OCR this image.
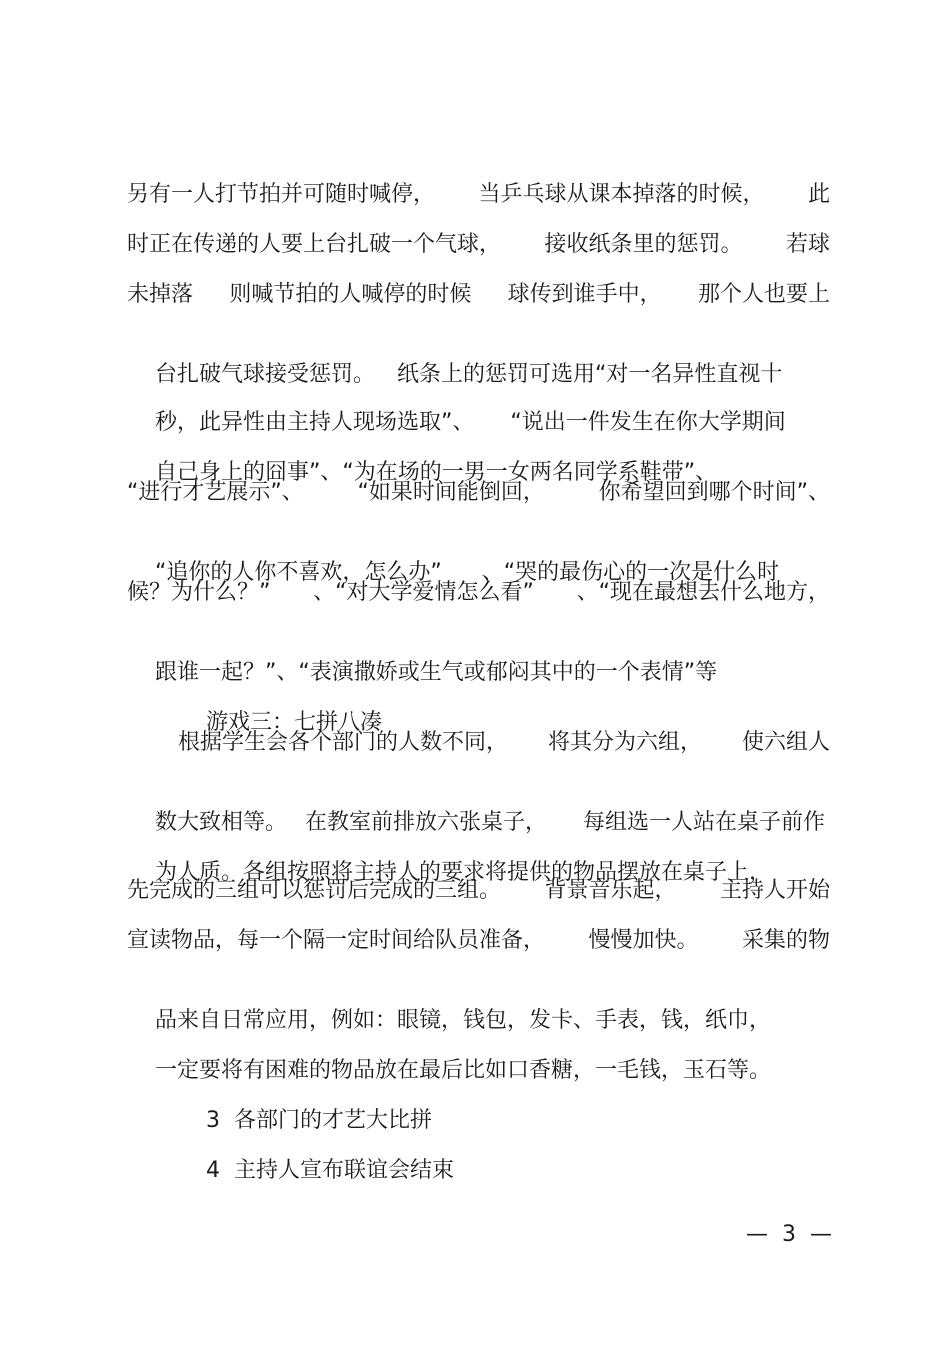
另有一人打节拍并可随时喊停， 当乒乓球从课本掉落的时候， 此
时正在传递的人要上台扎破一个气球， 接收纸条里的惩罚。 若球
未掉落 则喊节拍的人喊停的时候 球传到谁手中， 那个人也要上

台扎破气球接受惩罚。 纸条上的惩罚可选用“对一名异性直视十

秒，此异性由主持人现场选取”、 “说出一件发生在你大学期间

自己身上的囧事”、“为在场的一男一女两名同学系鞋带”、

“进行才艺展示”、 “如果时间能倒回， 你希望回到哪个时间”、

“追你的人你不喜欢，怎么办” 、“哭的最伤心的一次是什么时

候？为什么？” 、“对大学爱情怎么看” 、“现在最想去什么地方，

跟谁一起？”、“表演撒娇或生气或郁闷其中的一个表情”等

游戏三：七拼八凑

根据学生会各个部门的人数不同， 将其分为六组， 使六组人

数大致相等。 在教室前排放六张桌子， 每组选一人站在桌子前作

为人质。各组按照将主持人的要求将提供的物品摆放在桌子上，

先完成的三组可以惩罚后完成的三组。 背景音乐起， 主持人开始
宣读物品，每一个隔一定时间给队员准备， 慢慢加快。 采集的物

品来自日常应用，例如：眼镜，钱包，发卡、手表，钱，纸巾，

一定要将有困难的物品放在最后比如口香糖，一毛钱，玉石等。

3  各部门的才艺大比拼

4  主持人宣布联谊会结束

—  3  —
